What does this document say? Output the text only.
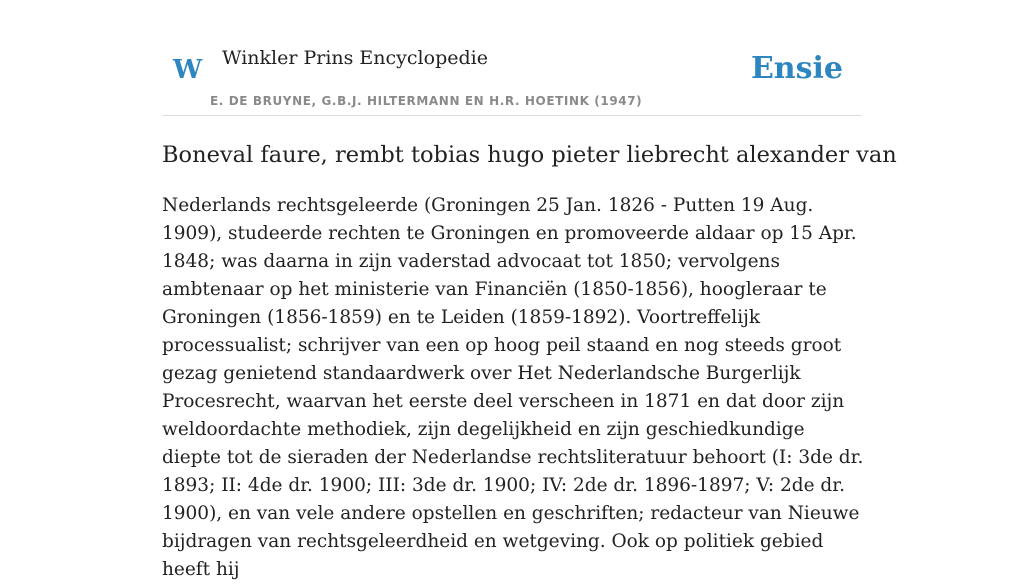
W Winkler Prins Encyclopedie	Ensie
E. DE BRUYNE, G.B.J. HILTERMANN EN H.R. HOETINK (1947)
Boneval faure, rembt tobias hugo pieter liebrecht alexander van

Nederlands rechtsgeleerde (Groningen 25 Jan. 1826 - Putten 19 Aug. 1909), studeerde rechten te Groningen en promoveerde aldaar op 15 Apr. 1848; was daarna in zijn vaderstad advocaat tot 1850; vervolgens ambtenaar op het ministerie van Financiën (1850-1856), hoogleraar te Groningen (1856-1859) en te Leiden (1859-1892). Voortreffelijk processualist; schrijver van een op hoog peil staand en nog steeds groot gezag genietend standaardwerk over Het Nederlandsche Burgerlijk Procesrecht, waarvan het eerste deel verscheen in 1871 en dat door zijn weldoordachte methodiek, zijn degelijkheid en zijn geschiedkundige diepte tot de sieraden der Nederlandse rechtsliteratuur behoort (I: 3de dr. 1893; II: 4de dr. 1900; III: 3de dr. 1900; IV: 2de dr. 1896-1897; V: 2de dr. 1900), en van vele andere opstellen en geschriften; redacteur van Nieuwe bijdragen van rechtsgeleerdheid en wetgeving. Ook op politiek gebied heeft hij
